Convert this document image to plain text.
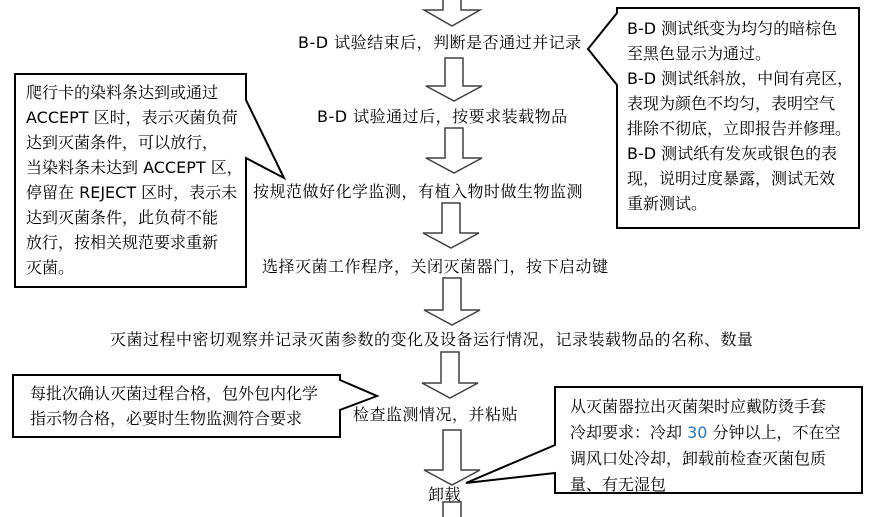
B-D 试验结束后，判断是否通过并记录
B-D 试验通过后，按要求装载物品
按规范做好化学监测，有植入物时做生物监测
选择灭菌工作程序，关闭灭菌器门，按下启动键
灭菌过程中密切观察并记录灭菌参数的变化及设备运行情况，记录装载物品的名称、数量
检查监测情况，并粘贴
卸载
爬行卡的染料条达到或通过
ACCEPT 区时，表示灭菌负荷
达到灭菌条件，可以放行，
当染料条未达到 ACCEPT 区，
停留在 REJECT 区时，表示未
达到灭菌条件，此负荷不能
放行，按相关规范要求重新
灭菌。
B-D 测试纸变为均匀的暗棕色
至黑色显示为通过。
B-D 测试纸斜放，中间有亮区，
表现为颜色不均匀，表明空气
排除不彻底，立即报告并修理。
B-D 测试纸有发灰或银色的表
现，说明过度暴露，测试无效
重新测试。
每批次确认灭菌过程合格，包外包内化学
指示物合格，必要时生物监测符合要求
从灭菌器拉出灭菌架时应戴防烫手套
冷却要求：冷却 30 分钟以上，不在空
调风口处冷却，卸载前检查灭菌包质
量、有无湿包
